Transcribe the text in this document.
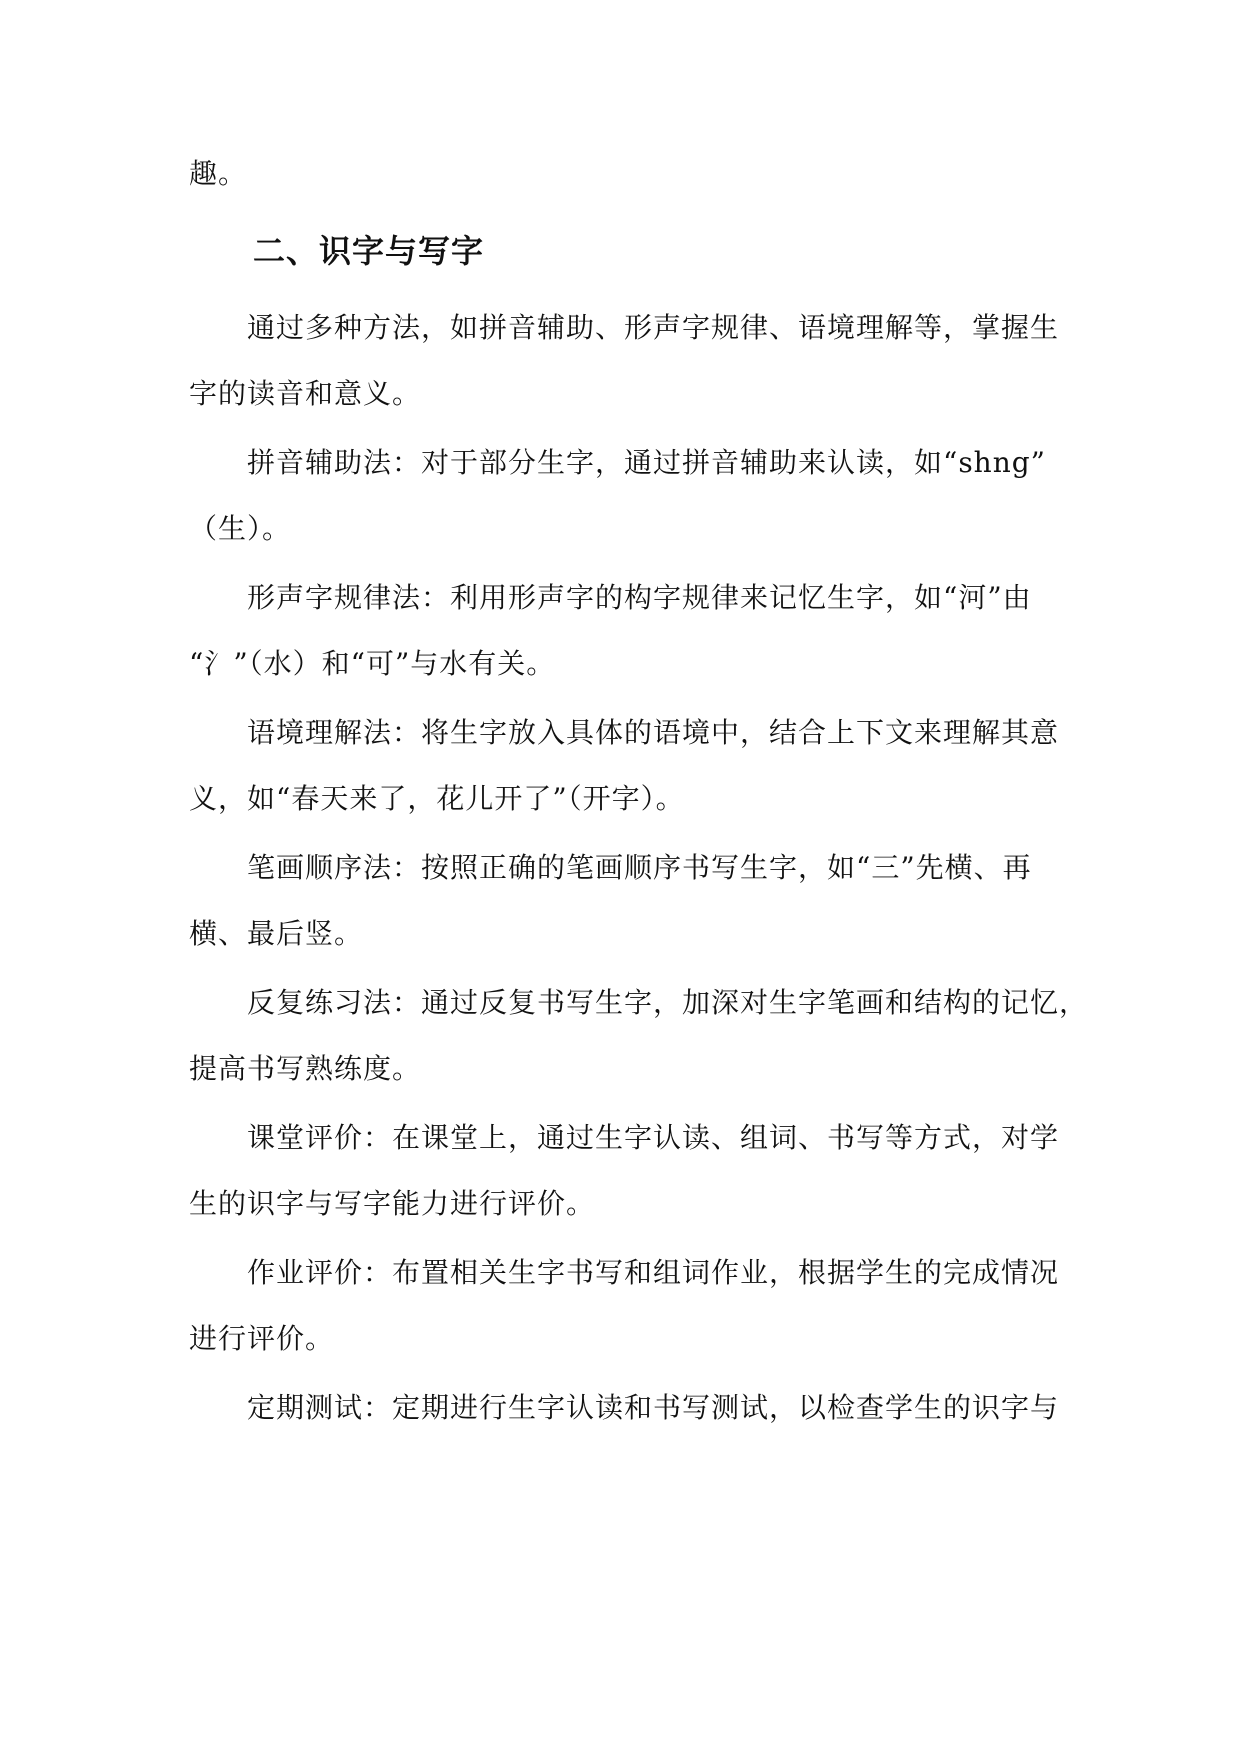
趣。
二、识字与写字
通过多种方法，如拼音辅助、形声字规律、语境理解等，掌握生
字的读音和意义。
拼音辅助法：对于部分生字，通过拼音辅助来认读，如“shng”
（生）。
形声字规律法：利用形声字的构字规律来记忆生字，如“河”由
“氵”（水）和“可”与水有关。
语境理解法：将生字放入具体的语境中，结合上下文来理解其意
义，如“春天来了，花儿开了”（开字）。
笔画顺序法：按照正确的笔画顺序书写生字，如“三”先横、再
横、最后竖。
反复练习法：通过反复书写生字，加深对生字笔画和结构的记忆，
提高书写熟练度。
课堂评价：在课堂上，通过生字认读、组词、书写等方式，对学
生的识字与写字能力进行评价。
作业评价：布置相关生字书写和组词作业，根据学生的完成情况
进行评价。
定期测试：定期进行生字认读和书写测试，以检查学生的识字与
